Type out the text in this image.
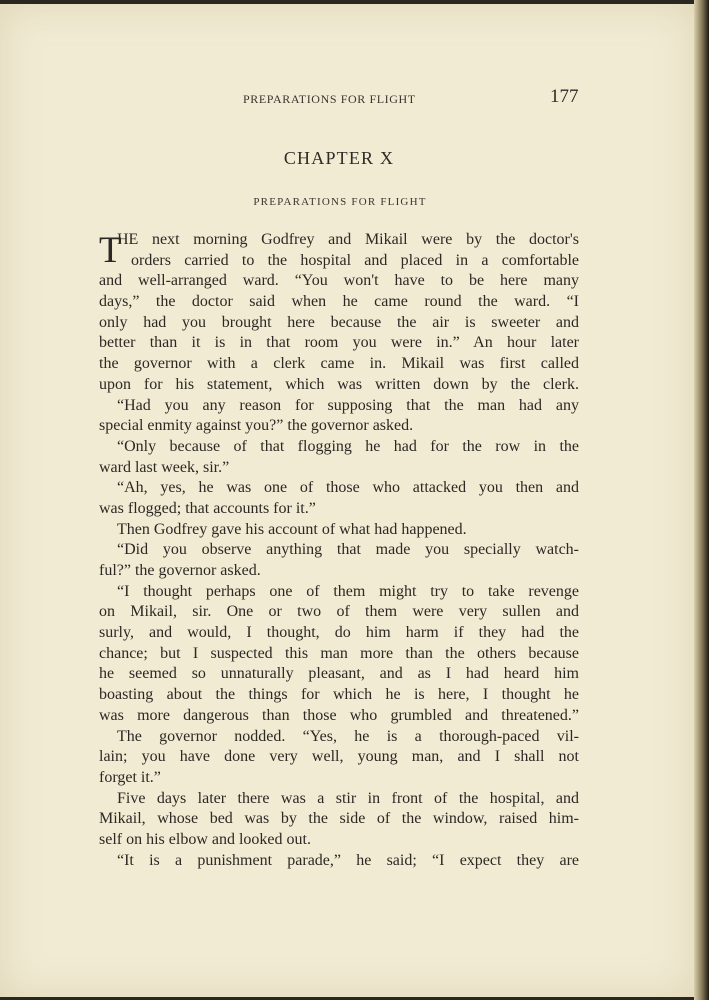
PREPARATIONS FOR FLIGHT	177
CHAPTER X
PREPARATIONS FOR FLIGHT
T
HE next morning Godfrey and Mikail were by the doctor's
orders carried to the hospital and placed in a comfortable
and well-arranged ward. “You won't have to be here many
days,” the doctor said when he came round the ward. “I
only had you brought here because the air is sweeter and
better than it is in that room you were in.” An hour later
the governor with a clerk came in. Mikail was first called
upon for his statement, which was written down by the clerk.
“Had you any reason for supposing that the man had any
special enmity against you?” the governor asked.
“Only because of that flogging he had for the row in the
ward last week, sir.”
“Ah, yes, he was one of those who attacked you then and
was flogged; that accounts for it.”
Then Godfrey gave his account of what had happened.
“Did you observe anything that made you specially watch-
ful?” the governor asked.
“I thought perhaps one of them might try to take revenge
on Mikail, sir. One or two of them were very sullen and
surly, and would, I thought, do him harm if they had the
chance; but I suspected this man more than the others because
he seemed so unnaturally pleasant, and as I had heard him
boasting about the things for which he is here, I thought he
was more dangerous than those who grumbled and threatened.”
The governor nodded. “Yes, he is a thorough-paced vil-
lain; you have done very well, young man, and I shall not
forget it.”
Five days later there was a stir in front of the hospital, and
Mikail, whose bed was by the side of the window, raised him-
self on his elbow and looked out.
“It is a punishment parade,” he said; “I expect they are
